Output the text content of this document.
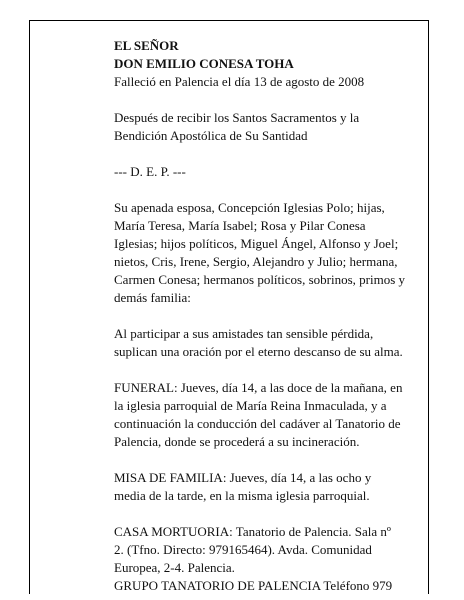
EL SEÑOR
DON EMILIO CONESA TOHA
Falleció en Palencia el día 13 de agosto de 2008
Después de recibir los Santos Sacramentos y la
Bendición Apostólica de Su Santidad
--- D. E. P. ---
Su apenada esposa, Concepción Iglesias Polo; hijas,
María Teresa, María Isabel; Rosa y Pilar Conesa
Iglesias; hijos políticos, Miguel Ángel, Alfonso y Joel;
nietos, Cris, Irene, Sergio, Alejandro y Julio; hermana,
Carmen Conesa; hermanos políticos, sobrinos, primos y
demás familia:
Al participar a sus amistades tan sensible pérdida,
suplican una oración por el eterno descanso de su alma.
FUNERAL: Jueves, día 14, a las doce de la mañana, en
la iglesia parroquial de María Reina Inmaculada, y a
continuación la conducción del cadáver al Tanatorio de
Palencia, donde se procederá a su incineración.
MISA DE FAMILIA: Jueves, día 14, a las ocho y
media de la tarde, en la misma iglesia parroquial.
CASA MORTUORIA: Tanatorio de Palencia. Sala nº
2. (Tfno. Directo: 979165464). Avda. Comunidad
Europea, 2-4. Palencia.
GRUPO TANATORIO DE PALENCIA Teléfono 979
